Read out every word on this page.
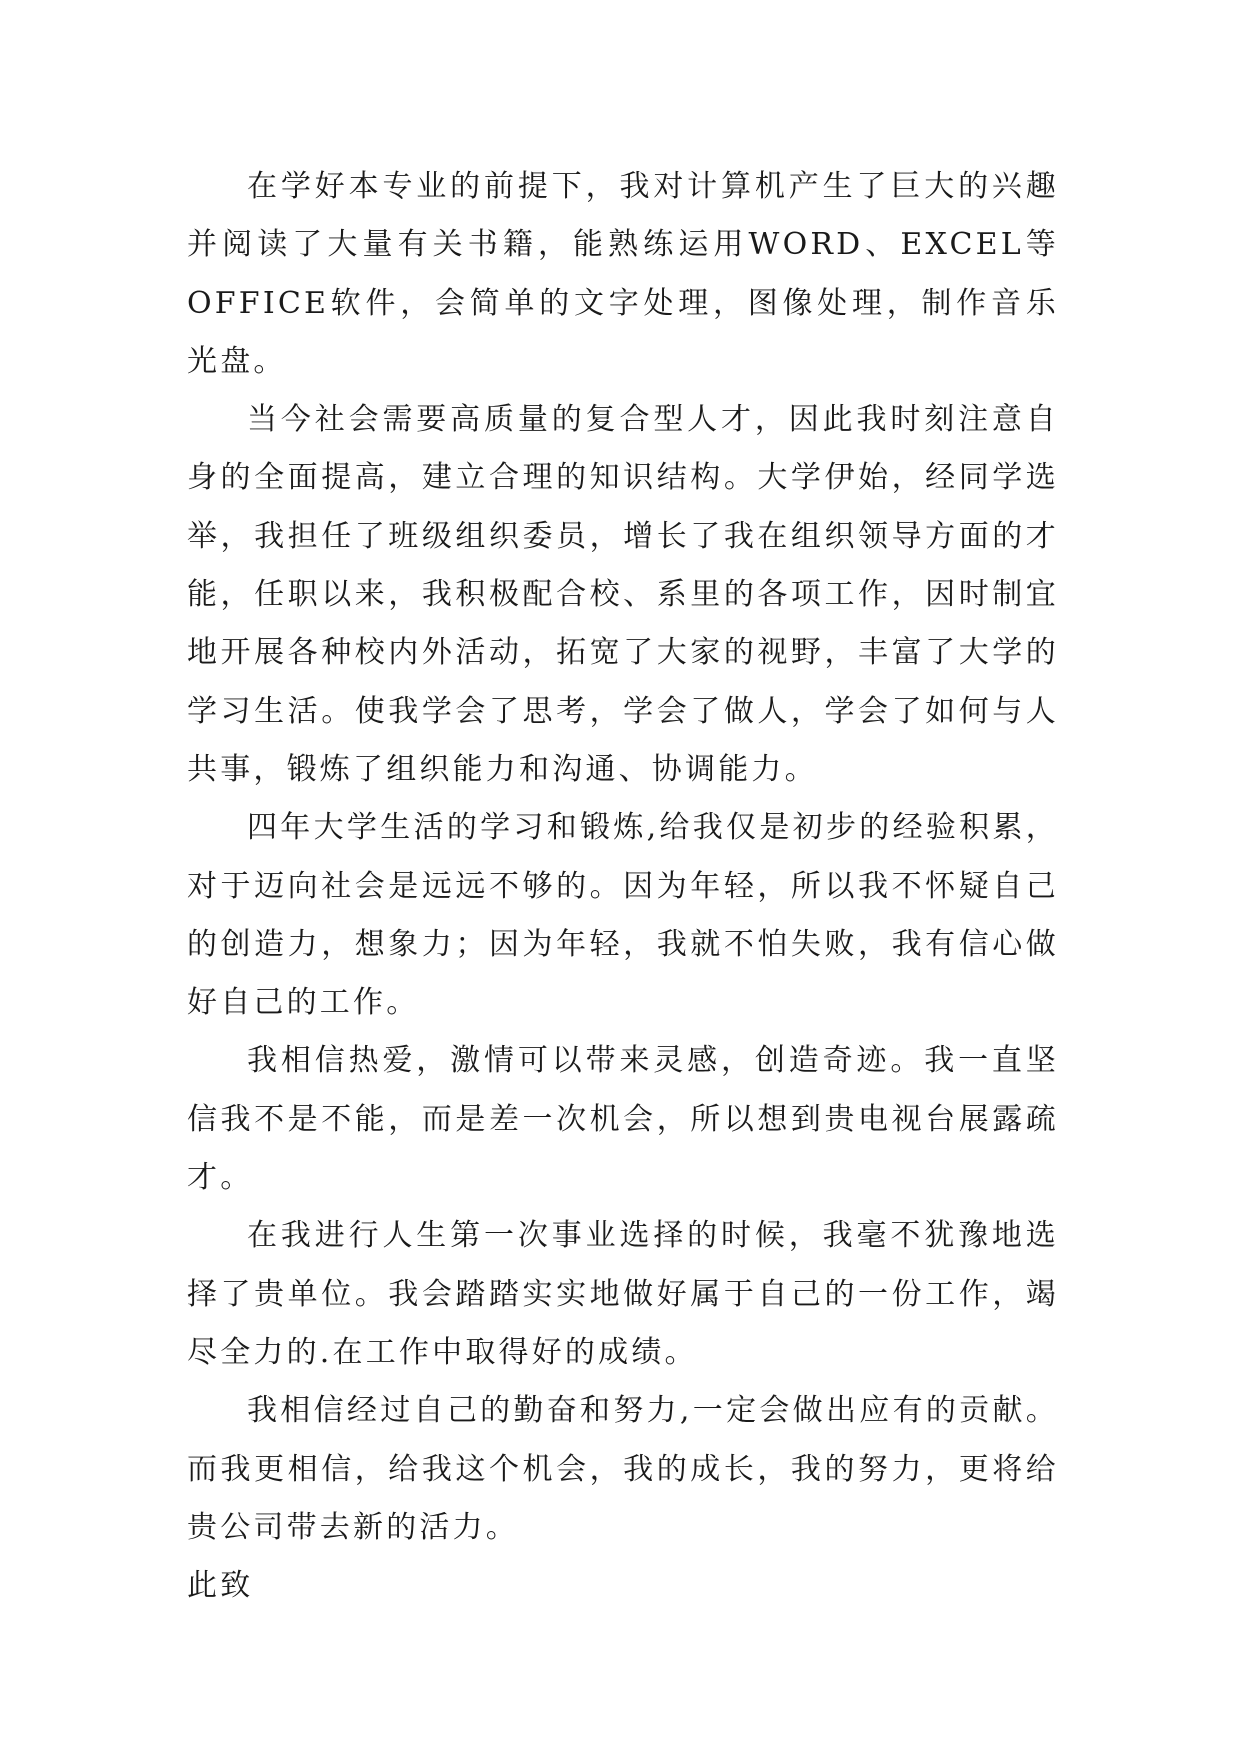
在学好本专业的前提下，我对计算机产生了巨大的兴趣并阅读了大量有关书籍，能熟练运用WORD、EXCEL等OFFICE软件，会简单的文字处理，图像处理，制作音乐光盘。

当今社会需要高质量的复合型人才，因此我时刻注意自身的全面提高，建立合理的知识结构。大学伊始，经同学选举，我担任了班级组织委员，增长了我在组织领导方面的才能，任职以来，我积极配合校、系里的各项工作，因时制宜地开展各种校内外活动，拓宽了大家的视野，丰富了大学的学习生活。使我学会了思考，学会了做人，学会了如何与人共事，锻炼了组织能力和沟通、协调能力。

四年大学生活的学习和锻炼,给我仅是初步的经验积累，对于迈向社会是远远不够的。因为年轻，所以我不怀疑自己的创造力，想象力；因为年轻，我就不怕失败，我有信心做好自己的工作。

我相信热爱，激情可以带来灵感，创造奇迹。我一直坚信我不是不能，而是差一次机会，所以想到贵电视台展露疏才。

在我进行人生第一次事业选择的时候，我毫不犹豫地选择了贵单位。我会踏踏实实地做好属于自己的一份工作，竭尽全力的.在工作中取得好的成绩。

我相信经过自己的勤奋和努力,一定会做出应有的贡献。而我更相信，给我这个机会，我的成长，我的努力，更将给贵公司带去新的活力。

此致
